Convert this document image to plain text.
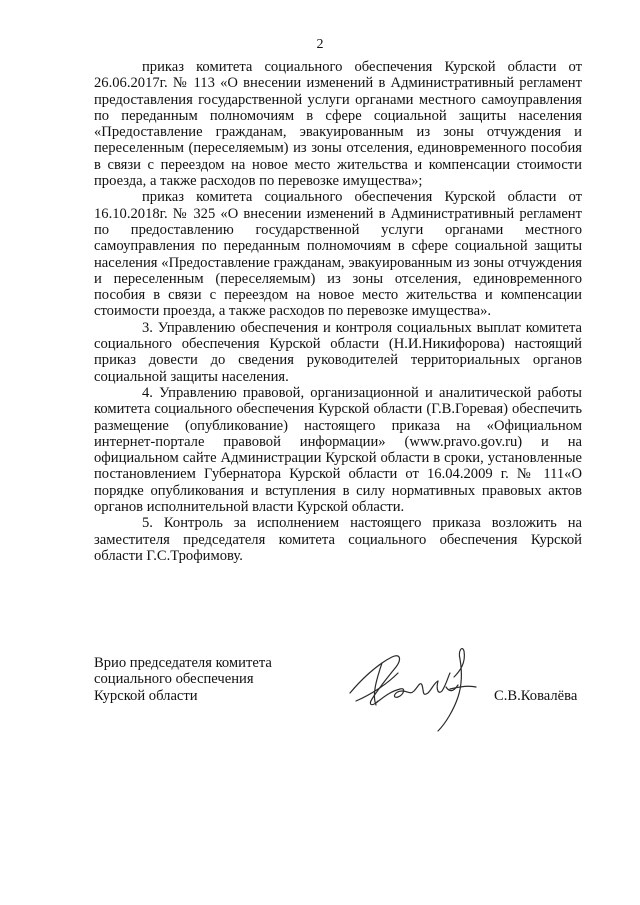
2

приказ комитета социального обеспечения Курской области от 26.06.2017г. № 113 «О внесении изменений в Административный регламент предоставления государственной услуги органами местного самоуправления по переданным полномочиям в сфере социальной защиты населения «Предоставление гражданам, эвакуированным из зоны отчуждения и переселенным (переселяемым) из зоны отселения, единовременного пособия в связи с переездом на новое место жительства и компенсации стоимости проезда, а также расходов по перевозке имущества»;

приказ комитета социального обеспечения Курской области от 16.10.2018г. № 325 «О внесении изменений в Административный регламент по предоставлению государственной услуги органами местного самоуправления по переданным полномочиям в сфере социальной защиты населения «Предоставление гражданам, эвакуированным из зоны отчуждения и переселенным (переселяемым) из зоны отселения, единовременного пособия в связи с переездом на новое место жительства и компенсации стоимости проезда, а также расходов по перевозке имущества».

3. Управлению обеспечения и контроля социальных выплат комитета социального обеспечения Курской области (Н.И.Никифорова) настоящий приказ довести до сведения руководителей территориальных органов социальной защиты населения.

4. Управлению правовой, организационной и аналитической работы комитета социального обеспечения Курской области (Г.В.Горевая) обеспечить размещение (опубликование) настоящего приказа на «Официальном интернет-портале правовой информации» (www.pravo.gov.ru) и на официальном сайте Администрации Курской области в сроки, установленные постановлением Губернатора Курской области от 16.04.2009 г. № 111«О порядке опубликования и вступления в силу нормативных правовых актов органов исполнительной власти Курской области.

5. Контроль за исполнением настоящего приказа возложить на заместителя председателя комитета социального обеспечения Курской области Г.С.Трофимову.

Врио председателя комитета
социального обеспечения
Курской области	С.В.Ковалёва
